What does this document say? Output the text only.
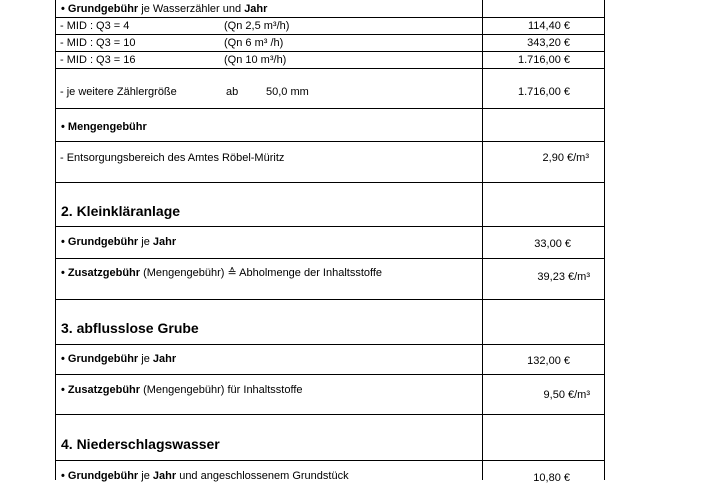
• Grundgebühr je Wasserzähler und Jahr
- MID : Q3 = 4	(Qn 2,5 m³/h)	114,40 €
- MID : Q3 = 10	(Qn 6 m³ /h)	343,20 €
- MID : Q3 = 16	(Qn 10 m³/h)	1.716,00 €
- je weitere Zählergröße	ab	50,0 mm	1.716,00 €
• Mengengebühr
- Entsorgungsbereich des Amtes Röbel-Müritz	2,90 €/m³
2. Kleinkläranlage
• Grundgebühr je Jahr	33,00 €
• Zusatzgebühr (Mengengebühr) ≙ Abholmenge der Inhaltsstoffe	39,23 €/m³
3. abflusslose Grube
• Grundgebühr je Jahr	132,00 €
• Zusatzgebühr (Mengengebühr) für Inhaltsstoffe	9,50 €/m³
4. Niederschlagswasser
• Grundgebühr je Jahr und angeschlossenem Grundstück	10,80 €
